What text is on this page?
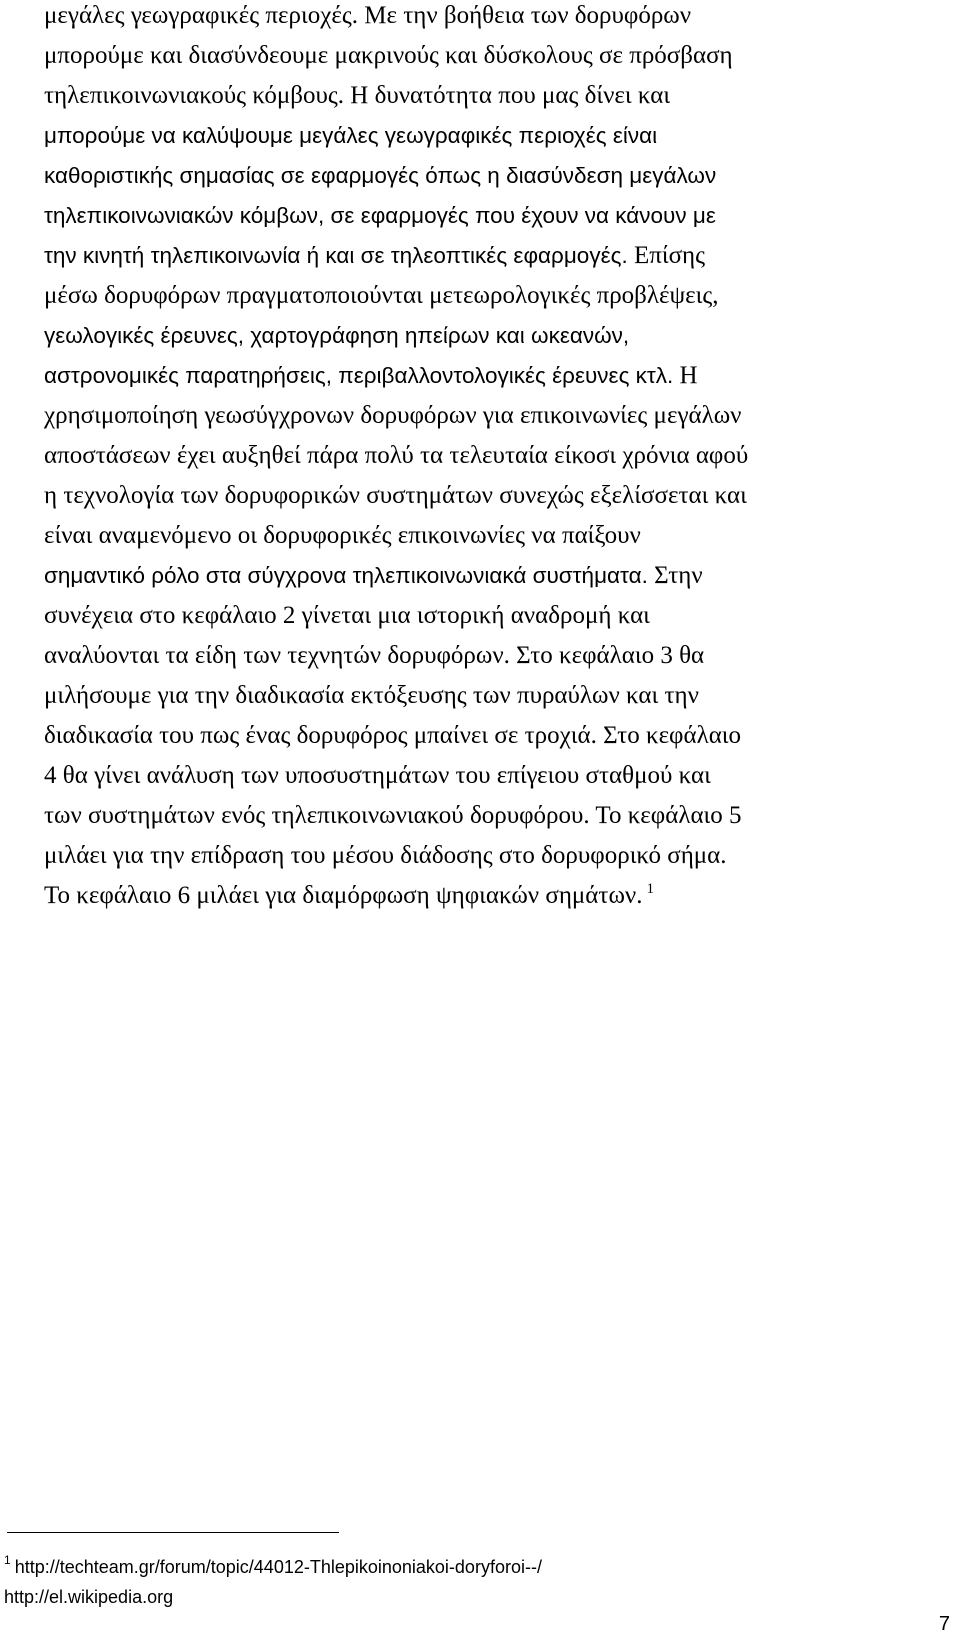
μεγάλες γεωγραφικές περιοχές. Με την βοήθεια των δορυφόρων
μπορούμε και διασύνδεουμε μακρινούς και δύσκολους σε πρόσβαση
τηλεπικοινωνιακούς κόμβους. Η δυνατότητα που μας δίνει και
μπορούμε να καλύψουμε μεγάλες γεωγραφικές περιοχές είναι
καθοριστικής σημασίας σε εφαρμογές όπως η διασύνδεση μεγάλων
τηλεπικοινωνιακών κόμβων, σε εφαρμογές που έχουν να κάνουν με
την κινητή τηλεπικοινωνία ή και σε τηλεοπτικές εφαρμογές. Επίσης
μέσω δορυφόρων πραγματοποιούνται μετεωρολογικές προβλέψεις,
γεωλογικές έρευνες, χαρτογράφηση ηπείρων και ωκεανών,
αστρονομικές παρατηρήσεις, περιβαλλοντολογικές έρευνες κτλ. Η
χρησιμοποίηση γεωσύγχρονων δορυφόρων για επικοινωνίες μεγάλων
αποστάσεων έχει αυξηθεί πάρα πολύ τα τελευταία είκοσι χρόνια αφού
η τεχνολογία των δορυφορικών συστημάτων συνεχώς εξελίσσεται και
είναι αναμενόμενο οι δορυφορικές επικοινωνίες να παίξουν
σημαντικό ρόλο στα σύγχρονα τηλεπικοινωνιακά συστήματα. Στην
συνέχεια στο κεφάλαιο 2 γίνεται μια ιστορική αναδρομή και
αναλύονται τα είδη των τεχνητών δορυφόρων. Στο κεφάλαιο 3 θα
μιλήσουμε για την διαδικασία εκτόξευσης των πυραύλων και την
διαδικασία του πως ένας δορυφόρος μπαίνει σε τροχιά. Στο κεφάλαιο
4 θα γίνει ανάλυση των υποσυστημάτων του επίγειου σταθμού και
των συστημάτων ενός τηλεπικοινωνιακού δορυφόρου. Το κεφάλαιο 5
μιλάει για την επίδραση του μέσου διάδοσης στο δορυφορικό σήμα.
Το κεφάλαιο 6 μιλάει για διαμόρφωση ψηφιακών σημάτων. $^1$
$^1$ http://techteam.gr/forum/topic/44012-Thlepikoinoniakoi-doryforoi--/
http://el.wikipedia.org
7
